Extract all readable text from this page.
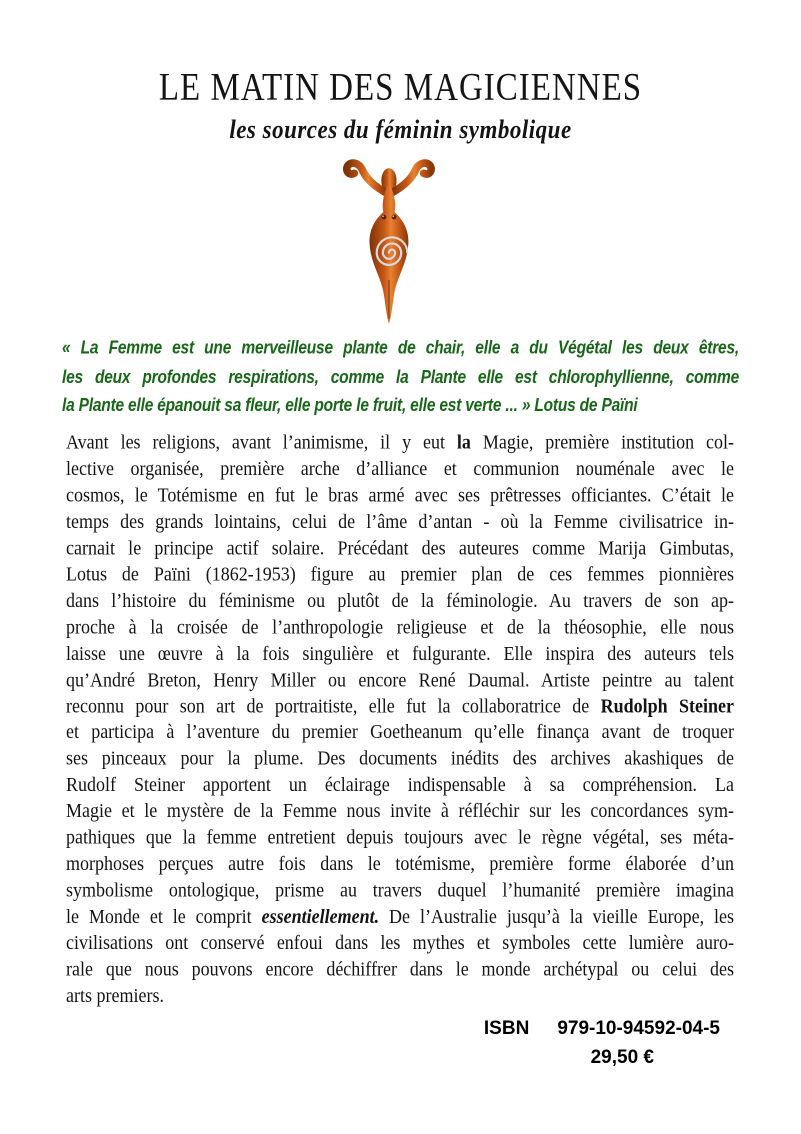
LE MATIN DES MAGICIENNES
les sources du féminin symbolique
« La Femme est une merveilleuse plante de chair, elle a du Végétal les deux êtres,
les deux profondes respirations, comme la Plante elle est chlorophyllienne, comme
la Plante elle épanouit sa fleur, elle porte le fruit, elle est verte ... » Lotus de Païni
Avant les religions, avant l’animisme, il y eut la Magie, première institution col-
lective organisée, première arche d’alliance et communion nouménale avec le
cosmos, le Totémisme en fut le bras armé avec ses prêtresses officiantes. C’était le
temps des grands lointains, celui de l’âme d’antan - où la Femme civilisatrice in-
carnait le principe actif solaire. Précédant des auteures comme Marija Gimbutas,
Lotus de Païni (1862-1953) figure au premier plan de ces femmes pionnières
dans l’histoire du féminisme ou plutôt de la féminologie. Au travers de son ap-
proche à la croisée de l’anthropologie religieuse et de la théosophie, elle nous
laisse une œuvre à la fois singulière et fulgurante. Elle inspira des auteurs tels
qu’André Breton, Henry Miller ou encore René Daumal. Artiste peintre au talent
reconnu pour son art de portraitiste, elle fut la collaboratrice de Rudolph Steiner
et participa à l’aventure du premier Goetheanum qu’elle finança avant de troquer
ses pinceaux pour la plume. Des documents inédits des archives akashiques de
Rudolf Steiner apportent un éclairage indispensable à sa compréhension. La
Magie et le mystère de la Femme nous invite à réfléchir sur les concordances sym-
pathiques que la femme entretient depuis toujours avec le règne végétal, ses méta-
morphoses perçues autre fois dans le totémisme, première forme élaborée d’un
symbolisme ontologique, prisme au travers duquel l’humanité première imagina
le Monde et le comprit essentiellement. De l’Australie jusqu’à la vieille Europe, les
civilisations ont conservé enfoui dans les mythes et symboles cette lumière auro-
rale que nous pouvons encore déchiffrer dans le monde archétypal ou celui des
arts premiers.
ISBN 979-10-94592-04-5
29,50 €
